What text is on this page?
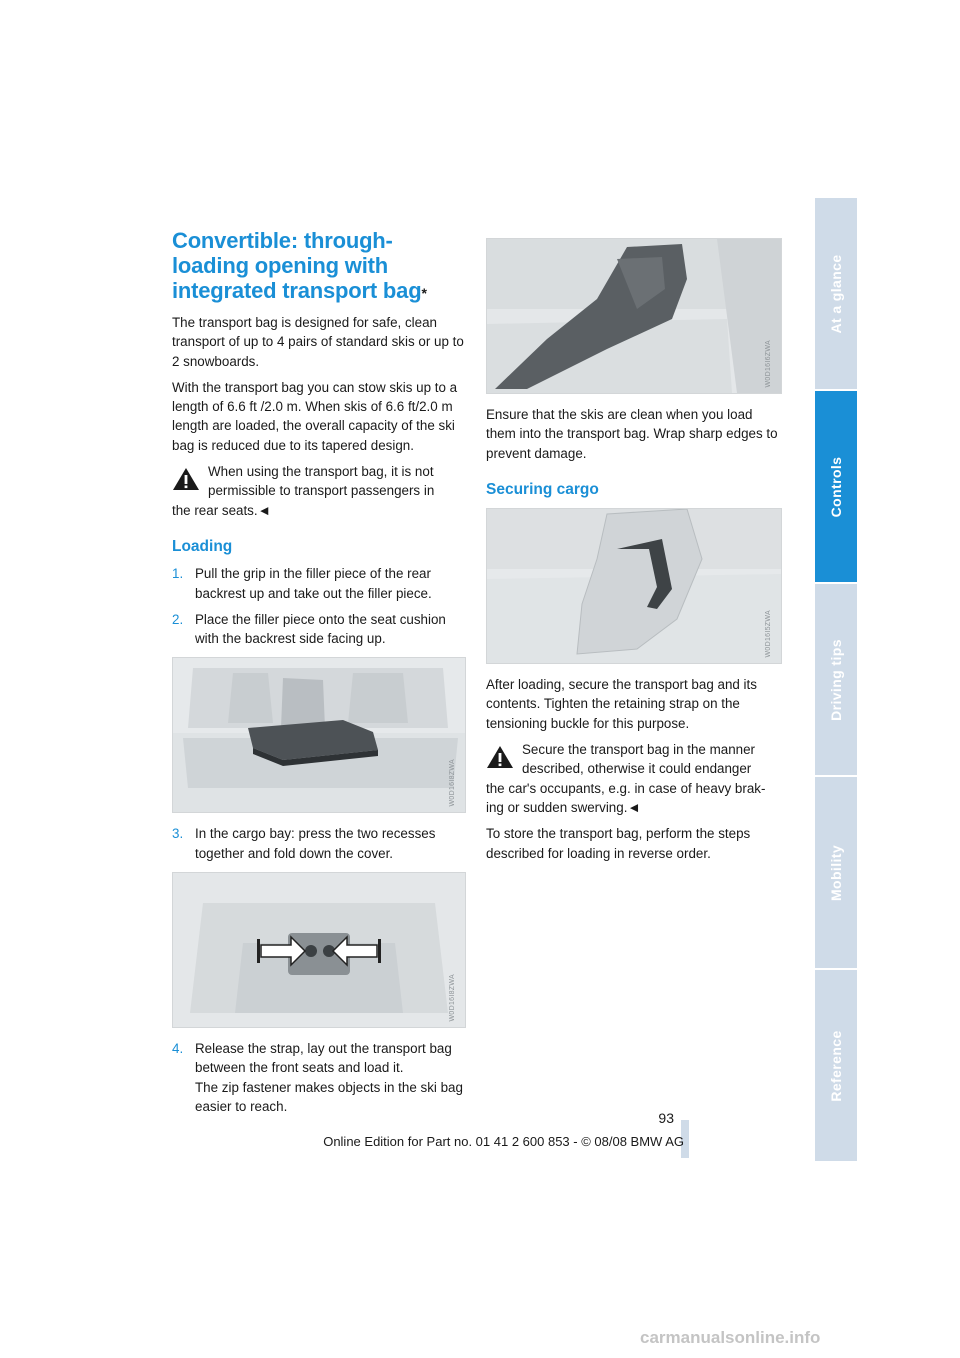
At a glance
Controls
Driving tips
Mobility
Reference
Convertible: through-loading opening with integrated transport bag*

The transport bag is designed for safe, clean transport of up to 4 pairs of standard skis or up to 2 snowboards.

With the transport bag you can stow skis up to a length of 6.6 ft /2.0 m. When skis of 6.6 ft/2.0 m length are loaded, the overall capacity of the ski bag is reduced due to its tapered design.

When using the transport bag, it is not permissible to transport passengers in
the rear seats.◄
Loading
1. Pull the grip in the filler piece of the rear backrest up and take out the filler piece.
2. Place the filler piece onto the seat cushion with the backrest side facing up.
W0D16I8ZWA
3. In the cargo bay: press the two recesses together and fold down the cover.
W0D16I8ZWA
4. Release the strap, lay out the transport bag between the front seats and load it.
The zip fastener makes objects in the ski bag easier to reach.
W0D16I6ZWA

Ensure that the skis are clean when you load them into the transport bag. Wrap sharp edges to prevent damage.

Securing cargo
W0D16I5ZWA

After loading, secure the transport bag and its contents. Tighten the retaining strap on the tensioning buckle for this purpose.

Secure the transport bag in the manner described, otherwise it could endanger
the car's occupants, e.g. in case of heavy brak-ing or sudden swerving.◄

To store the transport bag, perform the steps described for loading in reverse order.

93
Online Edition for Part no. 01 41 2 600 853 - © 08/08 BMW AG
carmanualsonline.info
